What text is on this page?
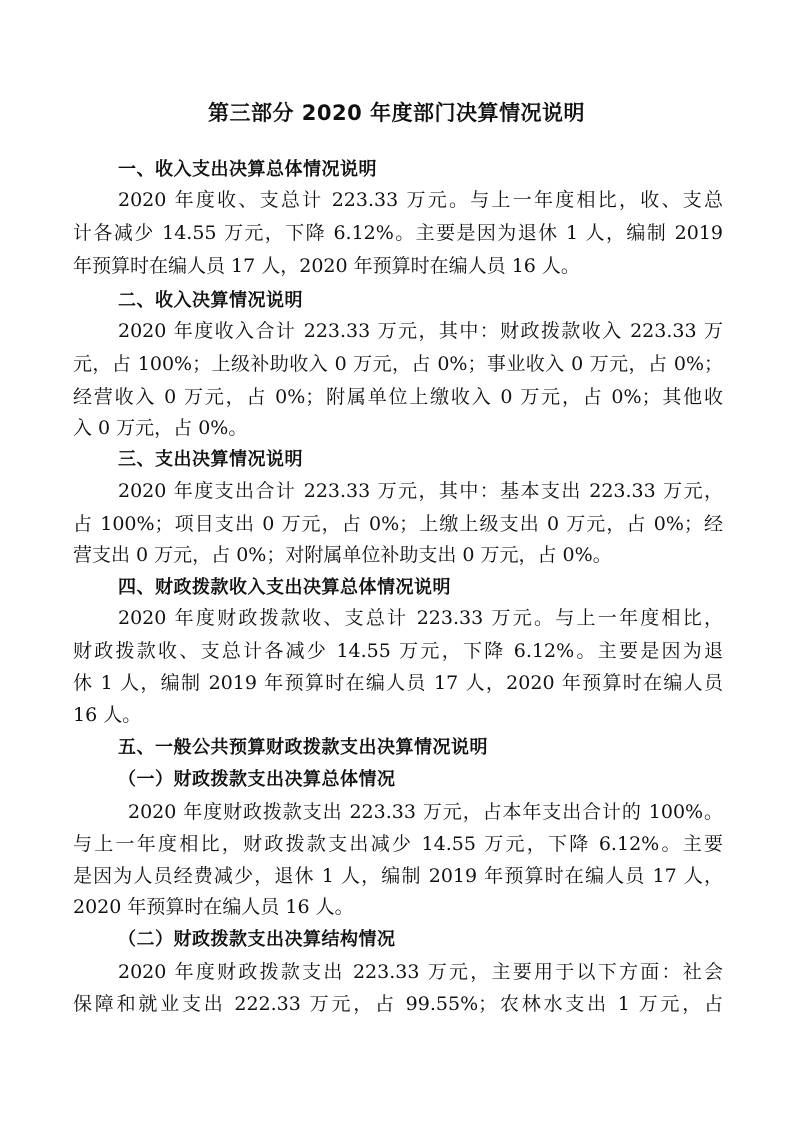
第三部分 2020 年度部门决算情况说明
一、收入支出决算总体情况说明
2020 年度收、支总计 223.33 万元。与上一年度相比，收、支总
计各减少 14.55 万元，下降 6.12%。主要是因为退休 1 人，编制 2019
年预算时在编人员 17 人，2020 年预算时在编人员 16 人。
二、收入决算情况说明
2020 年度收入合计 223.33 万元，其中：财政拨款收入 223.33 万
元，占 100%；上级补助收入 0 万元，占 0%；事业收入 0 万元，占 0%；
经营收入 0 万元，占 0%；附属单位上缴收入 0 万元，占 0%；其他收
入 0 万元，占 0%。
三、支出决算情况说明
2020 年度支出合计 223.33 万元，其中：基本支出 223.33 万元，
占 100%；项目支出 0 万元，占 0%；上缴上级支出 0 万元，占 0%；经
营支出 0 万元，占 0%；对附属单位补助支出 0 万元，占 0%。
四、财政拨款收入支出决算总体情况说明
2020 年度财政拨款收、支总计 223.33 万元。与上一年度相比，
财政拨款收、支总计各减少 14.55 万元，下降 6.12%。主要是因为退
休 1 人，编制 2019 年预算时在编人员 17 人，2020 年预算时在编人员
16 人。
五、一般公共预算财政拨款支出决算情况说明
（一）财政拨款支出决算总体情况
2020 年度财政拨款支出 223.33 万元，占本年支出合计的 100%。
与上一年度相比，财政拨款支出减少 14.55 万元，下降 6.12%。主要
是因为人员经费减少，退休 1 人，编制 2019 年预算时在编人员 17 人，
2020 年预算时在编人员 16 人。
（二）财政拨款支出决算结构情况
2020 年度财政拨款支出 223.33 万元，主要用于以下方面：社会
保障和就业支出 222.33 万元，占 99.55%；农林水支出 1 万元，占
